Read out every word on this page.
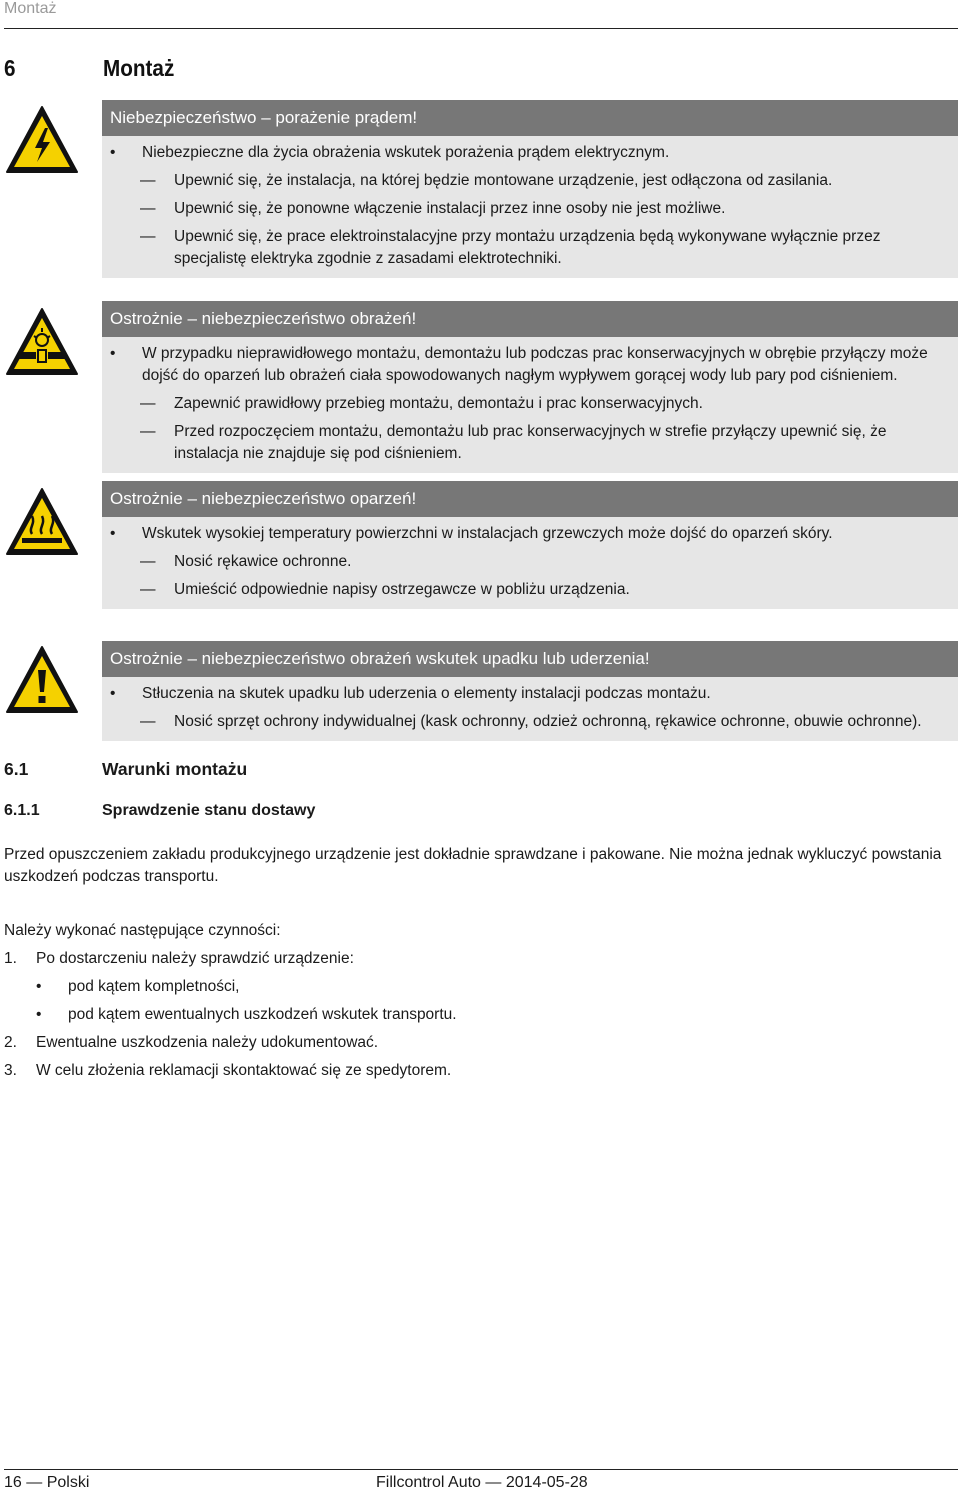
Montaż
6	Montaż
Niebezpieczeństwo – porażenie prądem!
• Niebezpieczne dla życia obrażenia wskutek porażenia prądem elektrycznym.
— Upewnić się, że instalacja, na której będzie montowane urządzenie, jest odłączona od zasilania.
— Upewnić się, że ponowne włączenie instalacji przez inne osoby nie jest możliwe.
— Upewnić się, że prace elektroinstalacyjne przy montażu urządzenia będą wykonywane wyłącznie przez specjalistę elektryka zgodnie z zasadami elektrotechniki.
Ostrożnie – niebezpieczeństwo obrażeń!
• W przypadku nieprawidłowego montażu, demontażu lub podczas prac konserwacyjnych w obrębie przyłączy może dojść do oparzeń lub obrażeń ciała spowodowanych nagłym wypływem gorącej wody lub pary pod ciśnieniem.
— Zapewnić prawidłowy przebieg montażu, demontażu i prac konserwacyjnych.
— Przed rozpoczęciem montażu, demontażu lub prac konserwacyjnych w strefie przyłączy upewnić się, że instalacja nie znajduje się pod ciśnieniem.
Ostrożnie – niebezpieczeństwo oparzeń!
• Wskutek wysokiej temperatury powierzchni w instalacjach grzewczych może dojść do oparzeń skóry.
— Nosić rękawice ochronne.
— Umieścić odpowiednie napisy ostrzegawcze w pobliżu urządzenia.
Ostrożnie – niebezpieczeństwo obrażeń wskutek upadku lub uderzenia!
• Stłuczenia na skutek upadku lub uderzenia o elementy instalacji podczas montażu.
— Nosić sprzęt ochrony indywidualnej (kask ochronny, odzież ochronną, rękawice ochronne, obuwie ochronne).
6.1	Warunki montażu
6.1.1	Sprawdzenie stanu dostawy
Przed opuszczeniem zakładu produkcyjnego urządzenie jest dokładnie sprawdzane i pakowane. Nie można jednak wykluczyć powstania uszkodzeń podczas transportu.
Należy wykonać następujące czynności:
1. Po dostarczeniu należy sprawdzić urządzenie:
• pod kątem kompletności,
• pod kątem ewentualnych uszkodzeń wskutek transportu.
2. Ewentualne uszkodzenia należy udokumentować.
3. W celu złożenia reklamacji skontaktować się ze spedytorem.
16 — Polski	Fillcontrol Auto — 2014-05-28
